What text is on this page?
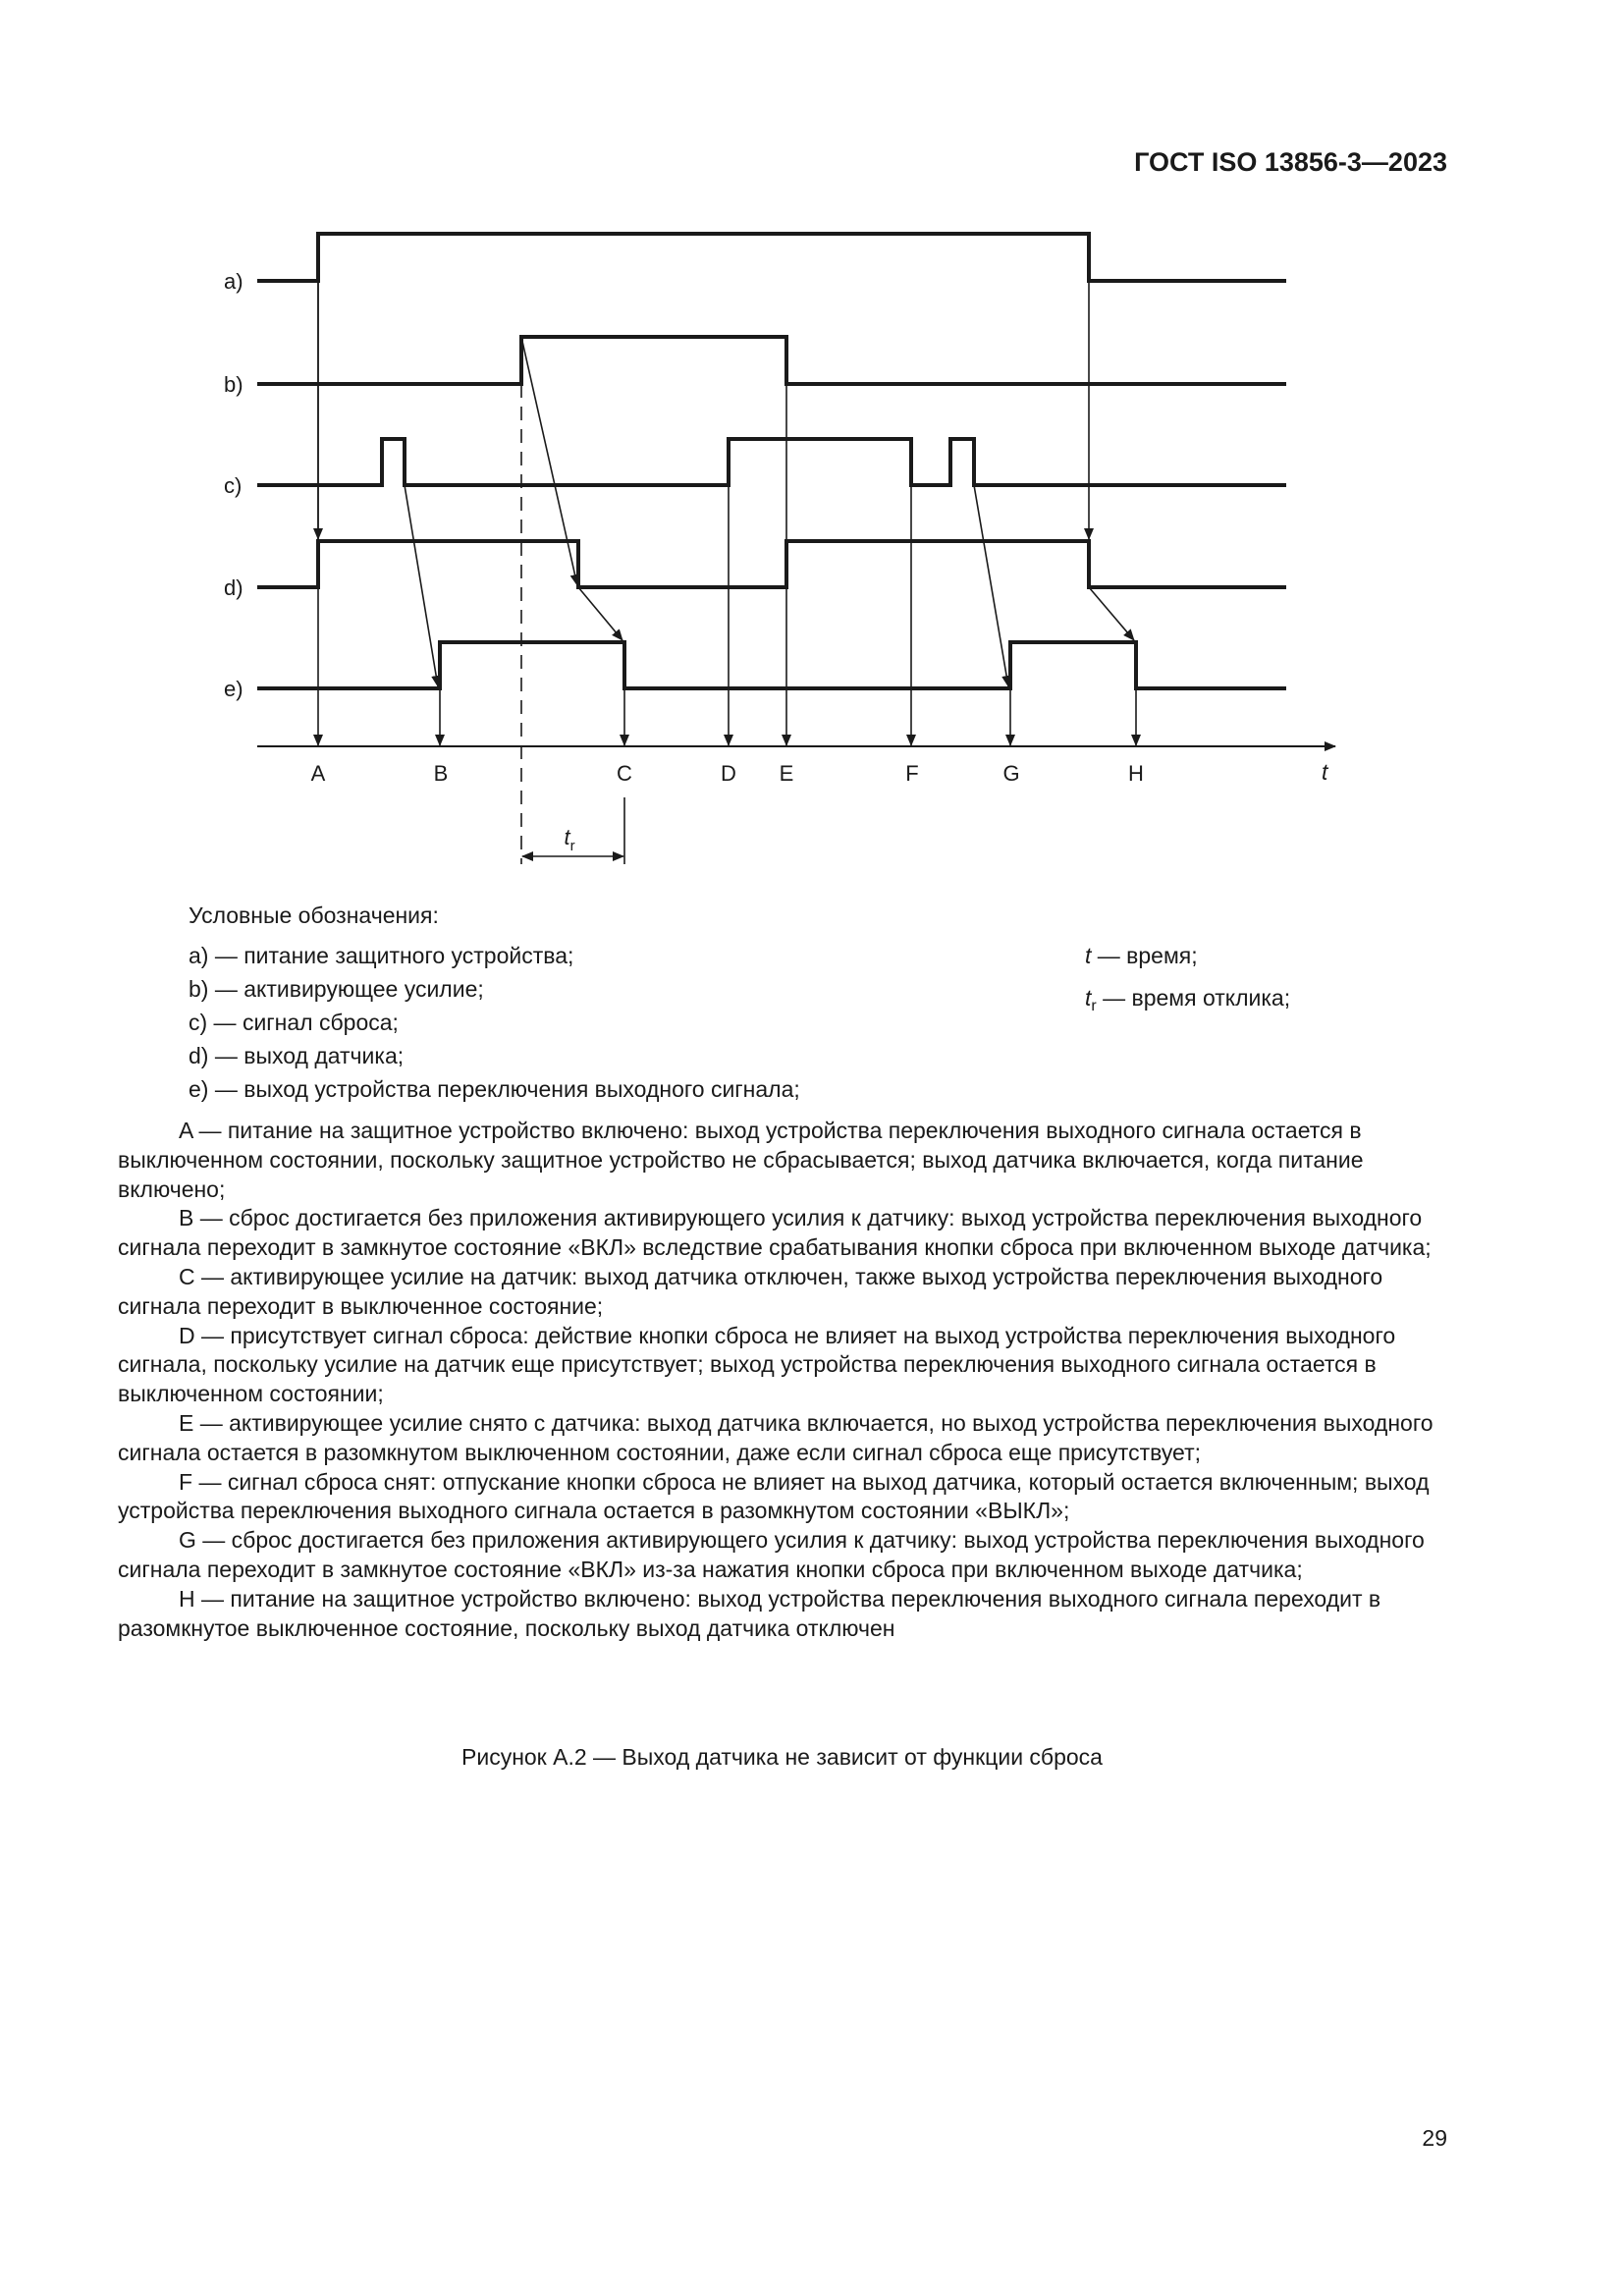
ГОСТ ISO 13856-3—2023
a)
b)
c)
d)
e)
A	B	C	D E	F	G	H	t
$t_r$
Условные обозначения:
a) — питание защитного устройства;
b) — активирующее усилие;
c) — сигнал сброса;
d) — выход датчика;
e) — выход устройства переключения выходного сигнала;
t — время;
$t_r$ — время отклика;

A — питание на защитное устройство включено: выход устройства переключения выходного сигнала остается в выключенном состоянии, поскольку защитное устройство не сбрасывается; выход датчика включается, когда питание включено;

B — сброс достигается без приложения активирующего усилия к датчику: выход устройства переключения выходного сигнала переходит в замкнутое состояние «ВКЛ» вследствие срабатывания кнопки сброса при включенном выходе датчика;

C — активирующее усилие на датчик: выход датчика отключен, также выход устройства переключения выходного сигнала переходит в выключенное состояние;

D — присутствует сигнал сброса: действие кнопки сброса не влияет на выход устройства переключения выходного сигнала, поскольку усилие на датчик еще присутствует; выход устройства переключения выходного сигнала остается в выключенном состоянии;

E — активирующее усилие снято с датчика: выход датчика включается, но выход устройства переключения выходного сигнала остается в разомкнутом выключенном состоянии, даже если сигнал сброса еще присутствует;

F — сигнал сброса снят: отпускание кнопки сброса не влияет на выход датчика, который остается включенным; выход устройства переключения выходного сигнала остается в разомкнутом состоянии «ВЫКЛ»;

G — сброс достигается без приложения активирующего усилия к датчику: выход устройства переключения выходного сигнала переходит в замкнутое состояние «ВКЛ» из-за нажатия кнопки сброса при включенном выходе датчика;

H — питание на защитное устройство включено: выход устройства переключения выходного сигнала переходит в разомкнутое выключенное состояние, поскольку выход датчика отключен

Рисунок А.2 — Выход датчика не зависит от функции сброса
29
